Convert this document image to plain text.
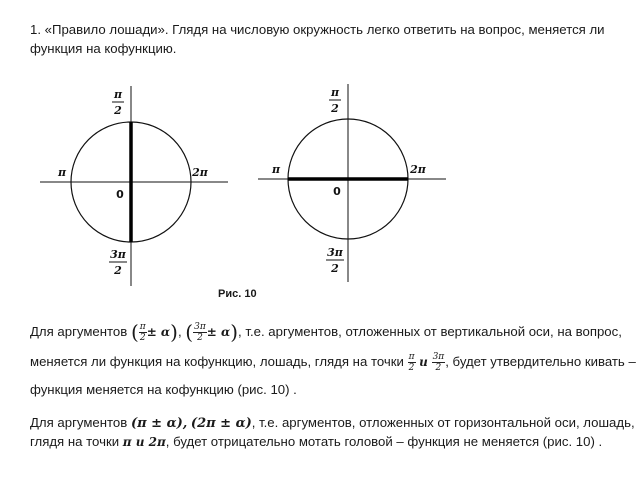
1. «Правило лошади». Глядя на числовую окружность легко ответить на вопрос, меняется ли функция на кофункцию.
π
2
3π
2
π	2π
0
π
2
3π
2
π	2π
0
Рис. 10
Для аргументов ( $\frac{\pi}{2} \pm \alpha$), ( $\frac{3\pi}{2} \pm \alpha$), т.е. аргументов, отложенных от вертикальной оси, на вопрос,
меняется ли функция на кофункцию, лошадь, глядя на точки $\frac{\pi}{2}$ и $\frac{3\pi}{2}$ , будет утвердительно кивать –
функция меняется на кофункцию (рис. 10) .
Для аргументов (π ± α), (2π ± α), т.е. аргументов, отложенных от горизонтальной оси, лошадь,
глядя на точки π и 2π, будет отрицательно мотать головой – функция не меняется (рис. 10) .
